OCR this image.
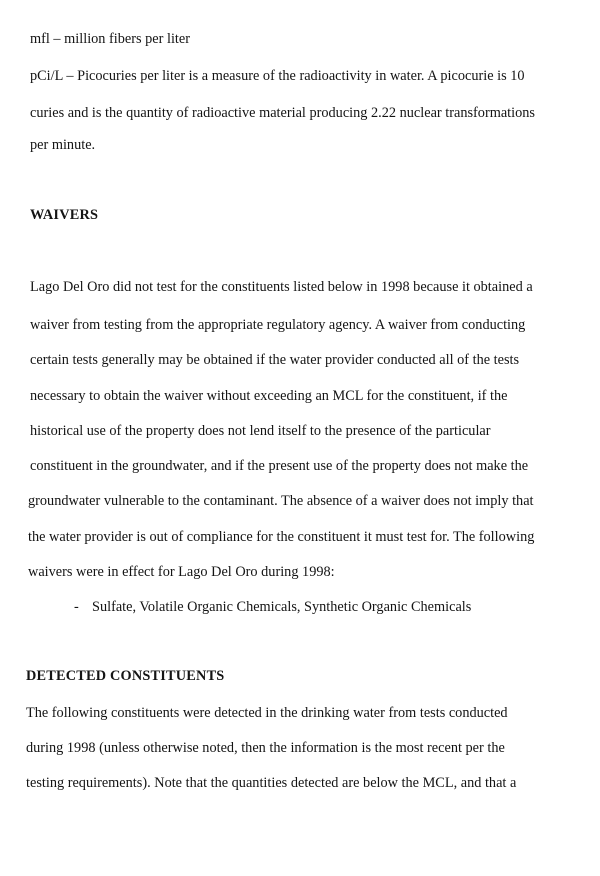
mfl – million fibers per liter
pCi/L – Picocuries per liter is a measure of the radioactivity in water. A picocurie is 10
curies and is the quantity of radioactive material producing 2.22 nuclear transformations
per minute.
WAIVERS
Lago Del Oro did not test for the constituents listed below in 1998 because it obtained a
waiver from testing from the appropriate regulatory agency. A waiver from conducting
certain tests generally may be obtained if the water provider conducted all of the tests
necessary to obtain the waiver without exceeding an MCL for the constituent, if the
historical use of the property does not lend itself to the presence of the particular
constituent in the groundwater, and if the present use of the property does not make the
groundwater vulnerable to the contaminant. The absence of a waiver does not imply that
the water provider is out of compliance for the constituent it must test for. The following
waivers were in effect for Lago Del Oro during 1998:
- Sulfate, Volatile Organic Chemicals, Synthetic Organic Chemicals
DETECTED CONSTITUENTS
The following constituents were detected in the drinking water from tests conducted
during 1998 (unless otherwise noted, then the information is the most recent per the
testing requirements). Note that the quantities detected are below the MCL, and that a
